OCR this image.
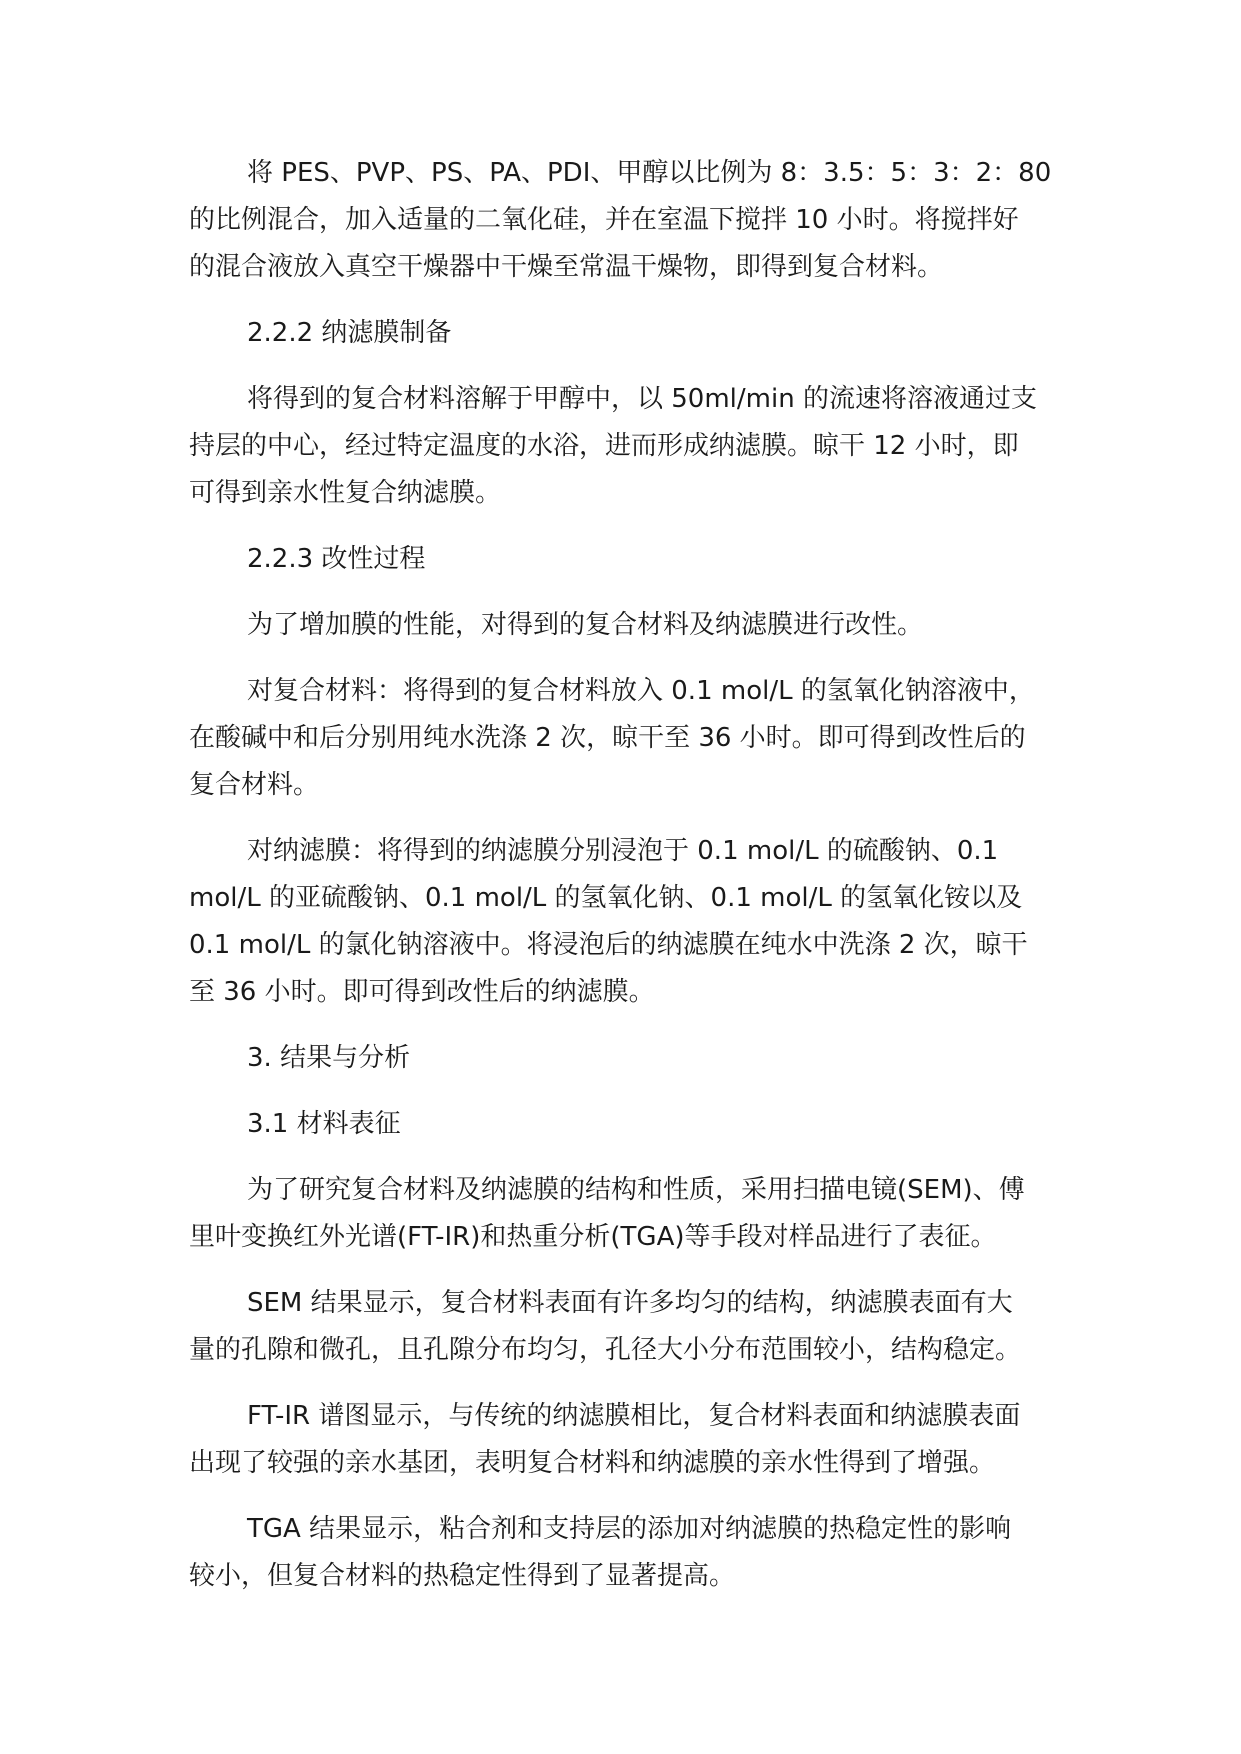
将 PES、PVP、PS、PA、PDI、甲醇以比例为 8：3.5：5：3：2：80
的比例混合，加入适量的二氧化硅，并在室温下搅拌 10 小时。将搅拌好
的混合液放入真空干燥器中干燥至常温干燥物，即得到复合材料。
2.2.2 纳滤膜制备
将得到的复合材料溶解于甲醇中，以 50ml/min 的流速将溶液通过支
持层的中心，经过特定温度的水浴，进而形成纳滤膜。晾干 12 小时，即
可得到亲水性复合纳滤膜。
2.2.3 改性过程
为了增加膜的性能，对得到的复合材料及纳滤膜进行改性。
对复合材料：将得到的复合材料放入 0.1 mol/L 的氢氧化钠溶液中，
在酸碱中和后分别用纯水洗涤 2 次，晾干至 36 小时。即可得到改性后的
复合材料。
对纳滤膜：将得到的纳滤膜分别浸泡于 0.1 mol/L 的硫酸钠、0.1
mol/L 的亚硫酸钠、0.1 mol/L 的氢氧化钠、0.1 mol/L 的氢氧化铵以及
0.1 mol/L 的氯化钠溶液中。将浸泡后的纳滤膜在纯水中洗涤 2 次，晾干
至 36 小时。即可得到改性后的纳滤膜。
3. 结果与分析
3.1 材料表征
为了研究复合材料及纳滤膜的结构和性质，采用扫描电镜(SEM)、傅
里叶变换红外光谱(FT-IR)和热重分析(TGA)等手段对样品进行了表征。
SEM 结果显示，复合材料表面有许多均匀的结构，纳滤膜表面有大
量的孔隙和微孔，且孔隙分布均匀，孔径大小分布范围较小，结构稳定。
FT-IR 谱图显示，与传统的纳滤膜相比，复合材料表面和纳滤膜表面
出现了较强的亲水基团，表明复合材料和纳滤膜的亲水性得到了增强。
TGA 结果显示，粘合剂和支持层的添加对纳滤膜的热稳定性的影响
较小，但复合材料的热稳定性得到了显著提高。
